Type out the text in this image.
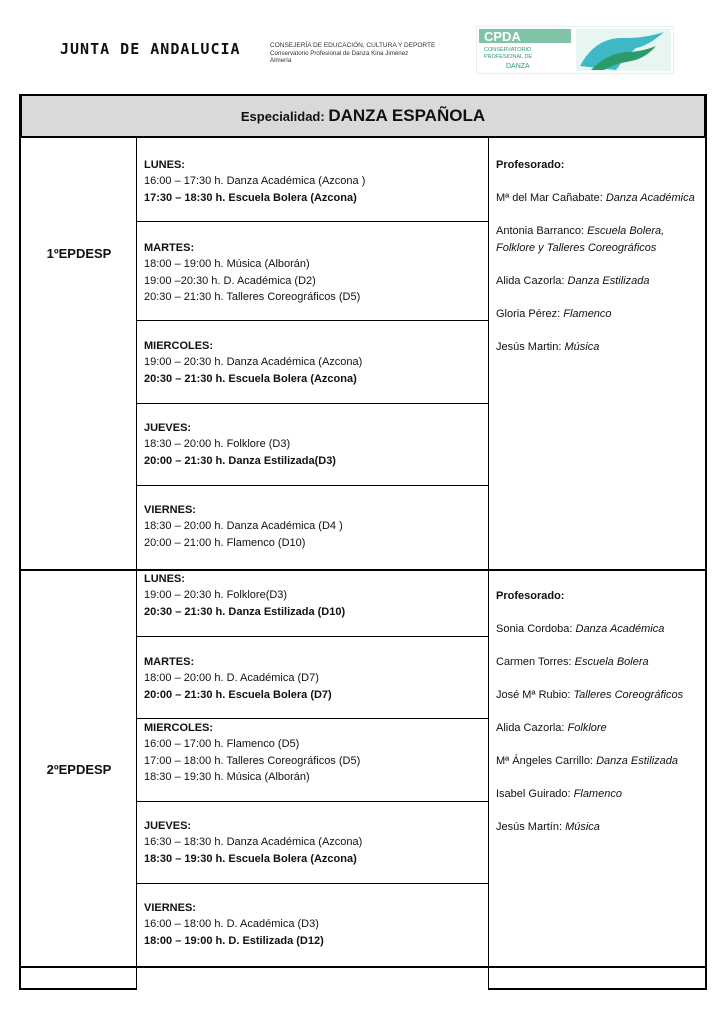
JUNTA DE ANDALUCIA	CONSEJERÍA DE EDUCACIÓN, CULTURA Y DEPORTE
Conservatorio Profesional de Danza Kina Jiménez
Almería
CPDA
CONSERVATORIO
PROFESIONAL DE
DANZA
Especialidad: DANZA ESPAÑOLA
1ºEPDESP
2ºEPDESP
LUNES:
16:00 – 17:30 h. Danza Académica (Azcona )
17:30 – 18:30 h. Escuela Bolera (Azcona)
MARTES:
18:00 – 19:00 h. Música (Alborán)
19:00 –20:30 h. D. Académica (D2)
20:30 – 21:30 h. Talleres Coreográficos (D5)
MIERCOLES:
19:00 – 20:30 h. Danza Académica (Azcona)
20:30 – 21:30 h. Escuela Bolera (Azcona)
JUEVES:
18:30 – 20:00 h. Folklore (D3)
20:00 – 21:30 h. Danza Estilizada(D3)
VIERNES:
18:30 – 20:00 h. Danza Académica (D4 )
20:00 – 21:00 h. Flamenco (D10)
LUNES:
19:00 – 20:30 h. Folklore(D3)
20:30 – 21:30 h. Danza Estilizada (D10)
MARTES:
18:00 – 20:00 h. D. Académica (D7)
20:00 – 21:30 h. Escuela Bolera (D7)
MIERCOLES:
16:00 – 17:00 h. Flamenco (D5)
17:00 – 18:00 h. Talleres Coreográficos (D5)
18:30 – 19:30 h. Música (Alborán)
JUEVES:
16:30 – 18:30 h. Danza Académica (Azcona)
18:30 – 19:30 h. Escuela Bolera (Azcona)
VIERNES:
16:00 – 18:00 h. D. Académica (D3)
18:00 – 19:00 h. D. Estilizada (D12)

Profesorado:

Mª del Mar Cañabate: Danza Académica

Antonia Barranco: Escuela Bolera, Folklore y Talleres Coreográficos

Alida Cazorla: Danza Estilizada

Gloria Pérez: Flamenco

Jesús Martin: Música

Profesorado:

Sonia Cordoba: Danza Académica

Carmen Torres: Escuela Bolera

José Mª Rubio: Talleres Coreográficos

Alida Cazorla: Folklore

Mª Ángeles Carrillo: Danza Estilizada

Isabel Guirado: Flamenco

Jesús Martín: Música
